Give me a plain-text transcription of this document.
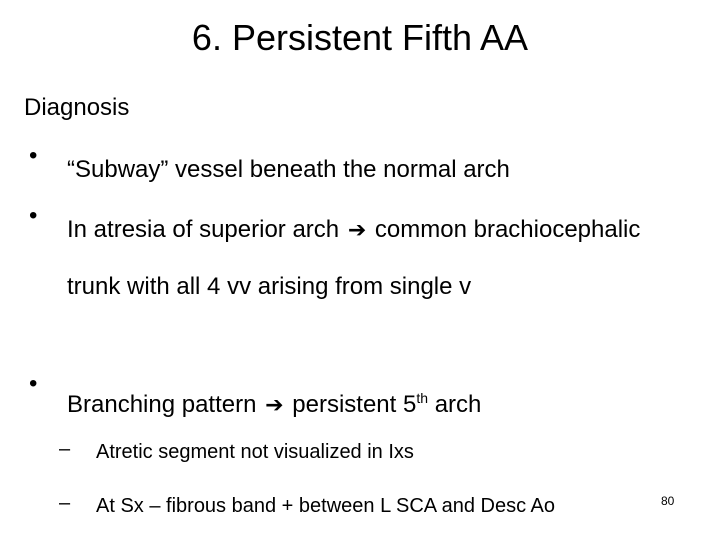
6. Persistent Fifth AA
Diagnosis
•
“Subway” vessel beneath the normal arch
•
In atresia of superior arch ➔ common brachiocephalic trunk with all 4 vv arising from single v
•
Branching pattern ➔ persistent 5th arch
– Atretic segment not visualized in Ixs
– At Sx – fibrous band + between L SCA and Desc Ao	80
